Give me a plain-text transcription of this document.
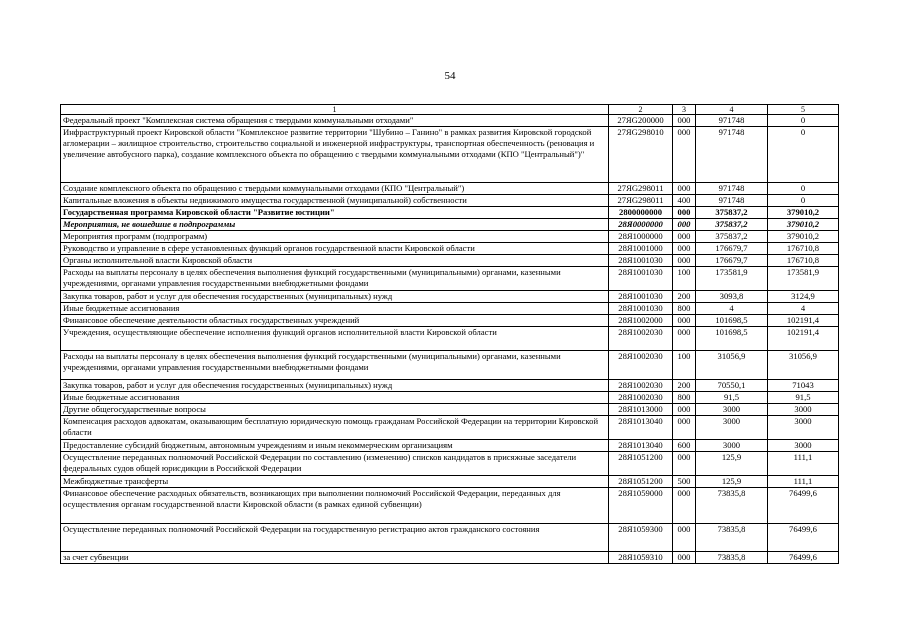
54
1	2	3	4	5
Федеральный проект "Комплексная система обращения с твердыми коммунальными отходами"	27ЯG200000	000	971748	0
Инфраструктурный проект Кировской области "Комплексное развитие территории "Шубино – Ганино" в рамках развития Кировской городской агломерации – жилищное строительство, строительство социальной и инженерной инфраструктуры, транспортная обеспеченность (реновация и увеличение автобусного парка), создание комплексного объекта по обращению с твердыми коммунальными отходами (КПО "Центральный")"	27ЯG298010	000	971748	0
Создание комплексного объекта по обращению с твердыми коммунальными отходами (КПО "Центральный")	27ЯG298011	000	971748	0
Капитальные вложения в объекты недвижимого имущества государственной (муниципальной) собственности	27ЯG298011	400	971748	0
Государственная программа Кировской области "Развитие юстиции"	2800000000	000	375837,2	379010,2
Мероприятия, не вошедшие в подпрограммы	28Я0000000	000	375837,2	379010,2
Мероприятия программ (подпрограмм)	28Я1000000	000	375837,2	379010,2
Руководство и управление в сфере установленных функций органов государственной власти Кировской области	28Я1001000	000	176679,7	176710,8
Органы исполнительной власти Кировской области	28Я1001030	000	176679,7	176710,8
Расходы на выплаты персоналу в целях обеспечения выполнения функций государственными (муниципальными) органами, казенными учреждениями, органами управления государственными внебюджетными фондами	28Я1001030	100	173581,9	173581,9
Закупка товаров, работ и услуг для обеспечения государственных (муниципальных) нужд	28Я1001030	200	3093,8	3124,9
Иные бюджетные ассигнования	28Я1001030	800	4	4
Финансовое обеспечение деятельности областных государственных учреждений	28Я1002000	000	101698,5	102191,4
Учреждения, осуществляющие обеспечение исполнения функций органов исполнительной власти Кировской области	28Я1002030	000	101698,5	102191,4
Расходы на выплаты персоналу в целях обеспечения выполнения функций государственными (муниципальными) органами, казенными учреждениями, органами управления государственными внебюджетными фондами	28Я1002030	100	31056,9	31056,9
Закупка товаров, работ и услуг для обеспечения государственных (муниципальных) нужд	28Я1002030	200	70550,1	71043
Иные бюджетные ассигнования	28Я1002030	800	91,5	91,5
Другие общегосударственные вопросы	28Я1013000	000	3000	3000
Компенсация расходов адвокатам, оказывающим бесплатную юридическую помощь гражданам Российской Федерации на территории Кировской области	28Я1013040	000	3000	3000
Предоставление субсидий бюджетным, автономным учреждениям и иным некоммерческим организациям	28Я1013040	600	3000	3000
Осуществление переданных полномочий Российской Федерации по составлению (изменению) списков кандидатов в присяжные заседатели федеральных судов общей юрисдикции в Российской Федерации	28Я1051200	000	125,9	111,1
Межбюджетные трансферты	28Я1051200	500	125,9	111,1
Финансовое обеспечение расходных обязательств, возникающих при выполнении полномочий Российской Федерации, переданных для осуществления органам государственной власти Кировской области (в рамках единой субвенции)	28Я1059000	000	73835,8	76499,6
Осуществление переданных полномочий Российской Федерации на государственную регистрацию актов гражданского состояния	28Я1059300	000	73835,8	76499,6
за счет субвенции	28Я1059310	000	73835,8	76499,6
